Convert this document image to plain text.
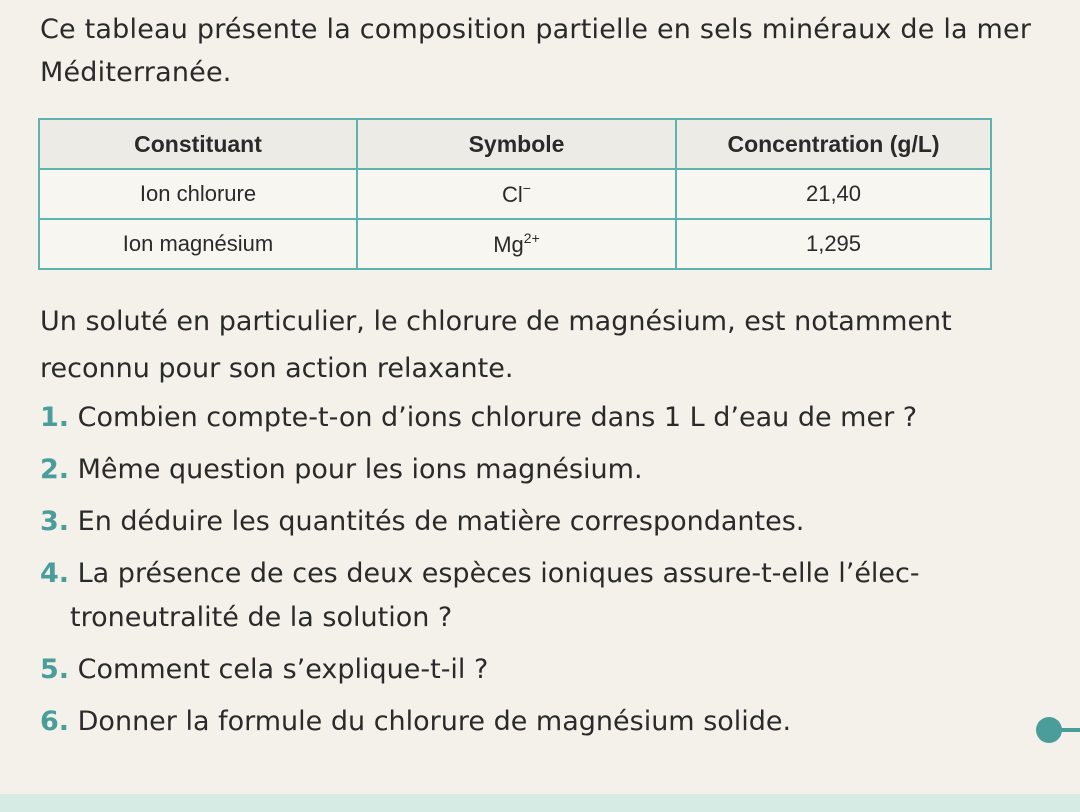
Ce tableau présente la composition partielle en sels minéraux de la mer Méditerranée.
Constituant	Symbole	Concentration (g/L)
Ion chlorure	Cl−	21,40
Ion magnésium	$Mg^{2+}$	1,295
Un soluté en particulier, le chlorure de magnésium, est notamment reconnu pour son action relaxante.
1. Combien compte-t-on d’ions chlorure dans 1 L d’eau de mer ?
2. Même question pour les ions magnésium.
3. En déduire les quantités de matière correspondantes.
4. La présence de ces deux espèces ioniques assure-t-elle l’élec-
troneutralité de la solution ?
5. Comment cela s’explique-t-il ?
6. Donner la formule du chlorure de magnésium solide.
